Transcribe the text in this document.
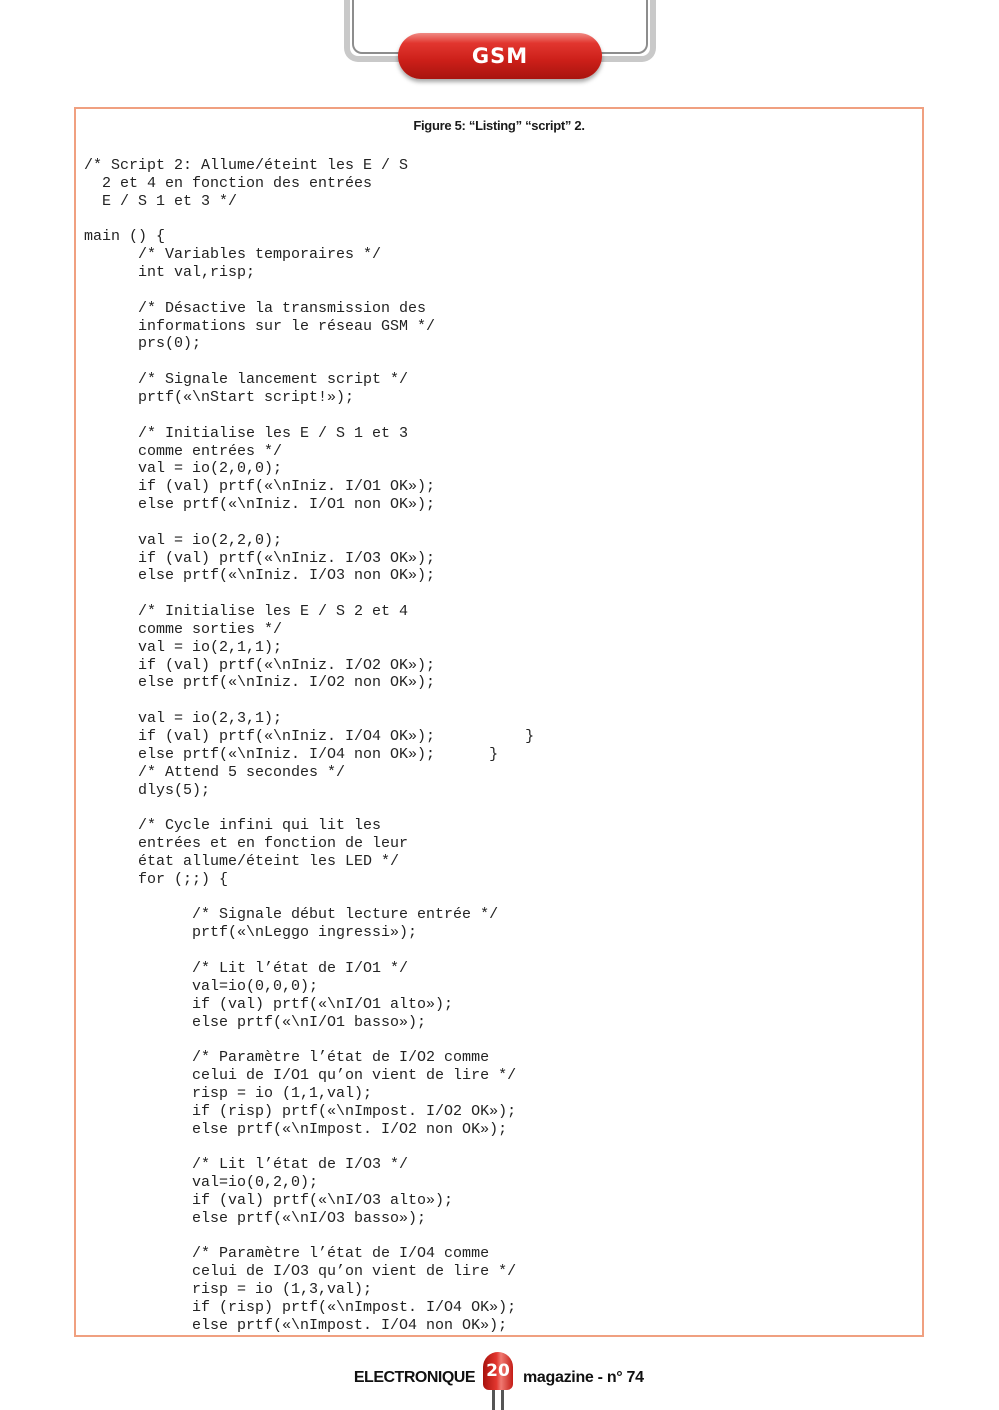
GSM
Figure 5: “Listing” “script” 2.
/* Script 2: Allume/éteint les E / S
2 et 4 en fonction des entrées
E / S 1 et 3 */

main () {
/* Variables temporaires */
int val,risp;

/* Désactive la transmission des
informations sur le réseau GSM */
prs(0);

/* Signale lancement script */
prtf(«\nStart script!»);

/* Initialise les E / S 1 et 3
comme entrées */
val = io(2,0,0);
if (val) prtf(«\nIniz. I/O1 OK»);
else prtf(«\nIniz. I/O1 non OK»);

val = io(2,2,0);
if (val) prtf(«\nIniz. I/O3 OK»);
else prtf(«\nIniz. I/O3 non OK»);

/* Initialise les E / S 2 et 4
comme sorties */
val = io(2,1,1);
if (val) prtf(«\nIniz. I/O2 OK»);
else prtf(«\nIniz. I/O2 non OK»);

val = io(2,3,1);
if (val) prtf(«\nIniz. I/O4 OK»);          }
else prtf(«\nIniz. I/O4 non OK»);      }
/* Attend 5 secondes */
dlys(5);

/* Cycle infini qui lit les
entrées et en fonction de leur
état allume/éteint les LED */
for (;;) {

/* Signale début lecture entrée */
prtf(«\nLeggo ingressi»);

/* Lit l’état de I/O1 */
val=io(0,0,0);
if (val) prtf(«\nI/O1 alto»);
else prtf(«\nI/O1 basso»);

/* Paramètre l’état de I/O2 comme
celui de I/O1 qu’on vient de lire */
risp = io (1,1,val);
if (risp) prtf(«\nImpost. I/O2 OK»);
else prtf(«\nImpost. I/O2 non OK»);

/* Lit l’état de I/O3 */
val=io(0,2,0);
if (val) prtf(«\nI/O3 alto»);
else prtf(«\nI/O3 basso»);

/* Paramètre l’état de I/O4 comme
celui de I/O3 qu’on vient de lire */
risp = io (1,3,val);
if (risp) prtf(«\nImpost. I/O4 OK»);
else prtf(«\nImpost. I/O4 non OK»);
ELECTRONIQUE 20 magazine - n° 74
